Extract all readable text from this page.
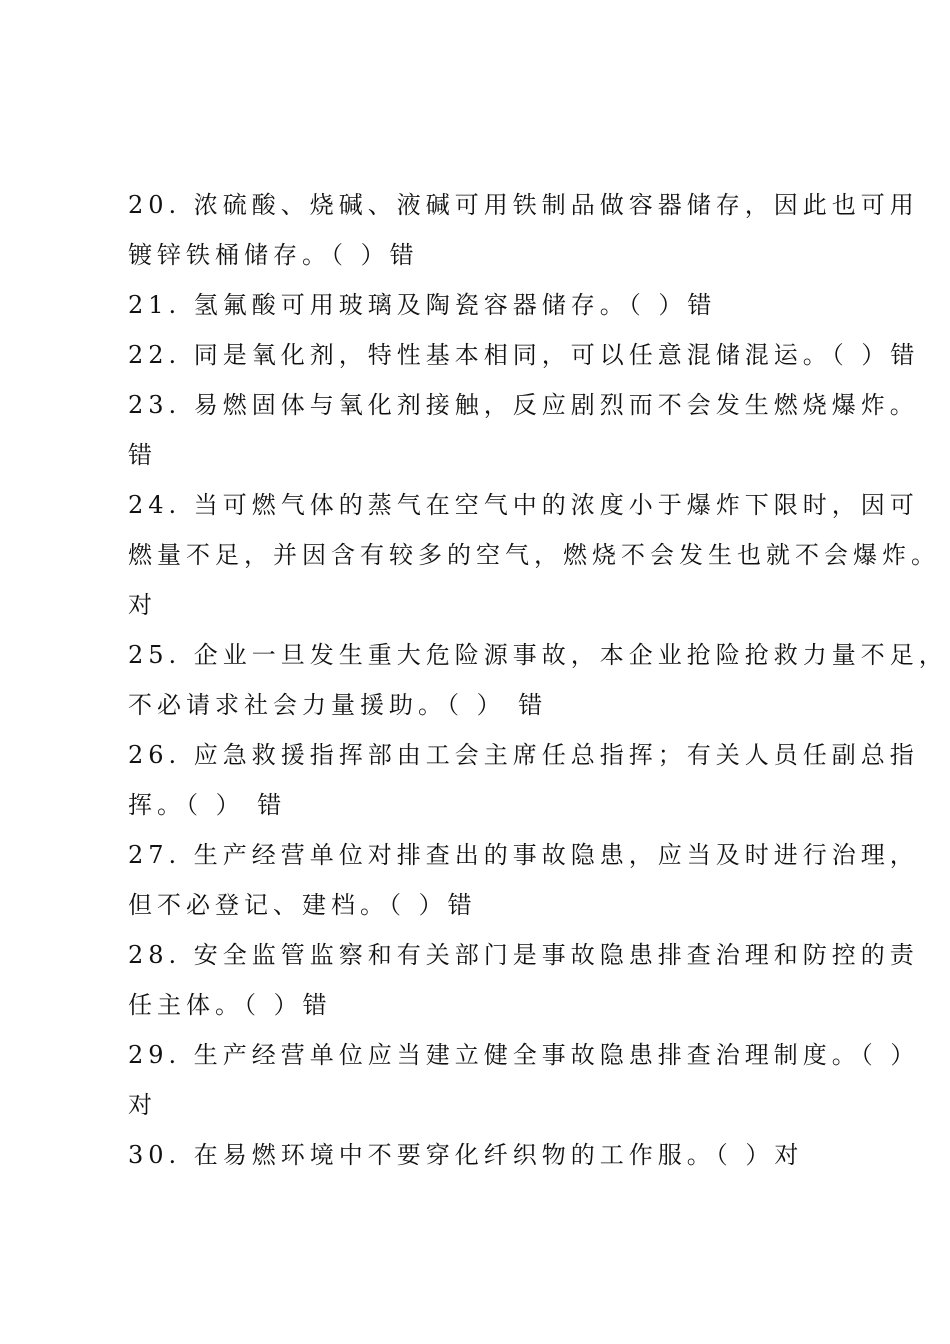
20. 浓硫酸、烧碱、液碱可用铁制品做容器储存，因此也可用
镀锌铁桶储存。（ ）错
21. 氢氟酸可用玻璃及陶瓷容器储存。（ ）错
22. 同是氧化剂，特性基本相同，可以任意混储混运。（ ）错
23. 易燃固体与氧化剂接触，反应剧烈而不会发生燃烧爆炸。
错
24. 当可燃气体的蒸气在空气中的浓度小于爆炸下限时，因可
燃量不足，并因含有较多的空气，燃烧不会发生也就不会爆炸。
对
25. 企业一旦发生重大危险源事故，本企业抢险抢救力量不足，
不必请求社会力量援助。（ ） 错
26. 应急救援指挥部由工会主席任总指挥；有关人员任副总指
挥。（ ） 错
27. 生产经营单位对排查出的事故隐患，应当及时进行治理，
但不必登记、建档。（ ）错
28. 安全监管监察和有关部门是事故隐患排查治理和防控的责
任主体。（ ）错
29. 生产经营单位应当建立健全事故隐患排查治理制度。（ ）
对
30. 在易燃环境中不要穿化纤织物的工作服。（ ）对
